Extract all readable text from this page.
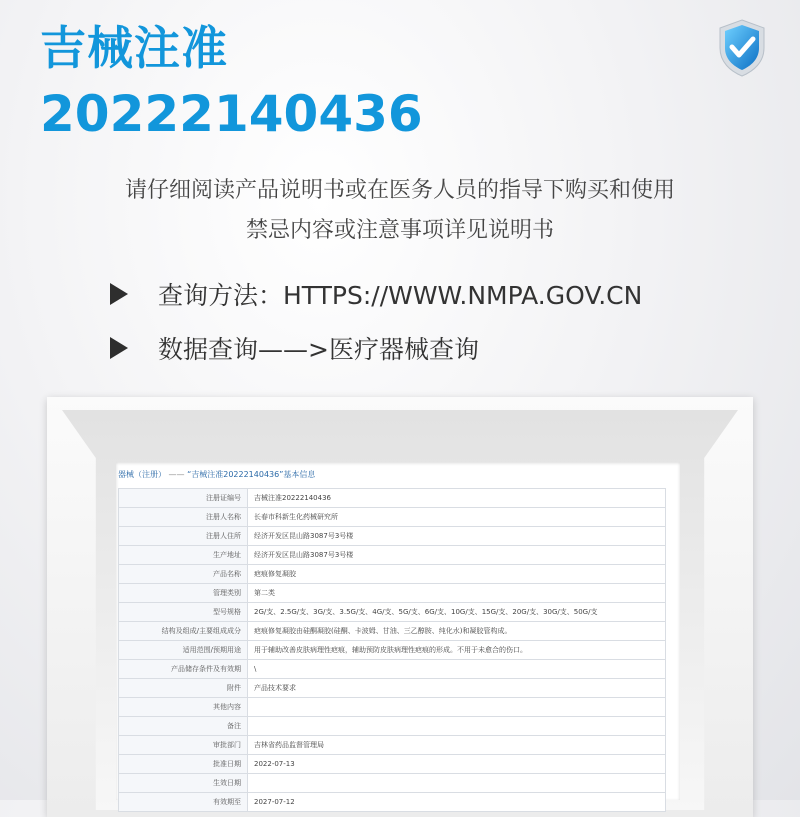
吉械注准
20222140436
请仔细阅读产品说明书或在医务人员的指导下购买和使用
禁忌内容或注意事项详见说明书
查询方法：HTTPS://WWW.NMPA.GOV.CN
数据查询——>医疗器械查询
器械（注册） —— “吉械注准20222140436”基本信息
注册证编号	吉械注准20222140436
注册人名称	长春市科新生化药械研究所
注册人住所	经济开发区昆山路3087号3号楼
生产地址	经济开发区昆山路3087号3号楼
产品名称	疤痕修复凝胶
管理类别	第二类
型号规格	2G/支、2.5G/支、3G/支、3.5G/支、4G/支、5G/支、6G/支、10G/支、15G/支、20G/支、30G/支、50G/支
结构及组成/主要组成成分	疤痕修复凝胶由硅酮凝胶(硅酮、卡波姆、甘油、三乙醇胺、纯化水)和凝胶管构成。
适用范围/预期用途	用于辅助改善皮肤病理性疤痕，辅助预防皮肤病理性疤痕的形成。不用于未愈合的伤口。
产品储存条件及有效期	\
附件	产品技术要求
其他内容	
备注	
审批部门	吉林省药品监督管理局
批准日期	2022-07-13
生效日期	
有效期至	2027-07-12
